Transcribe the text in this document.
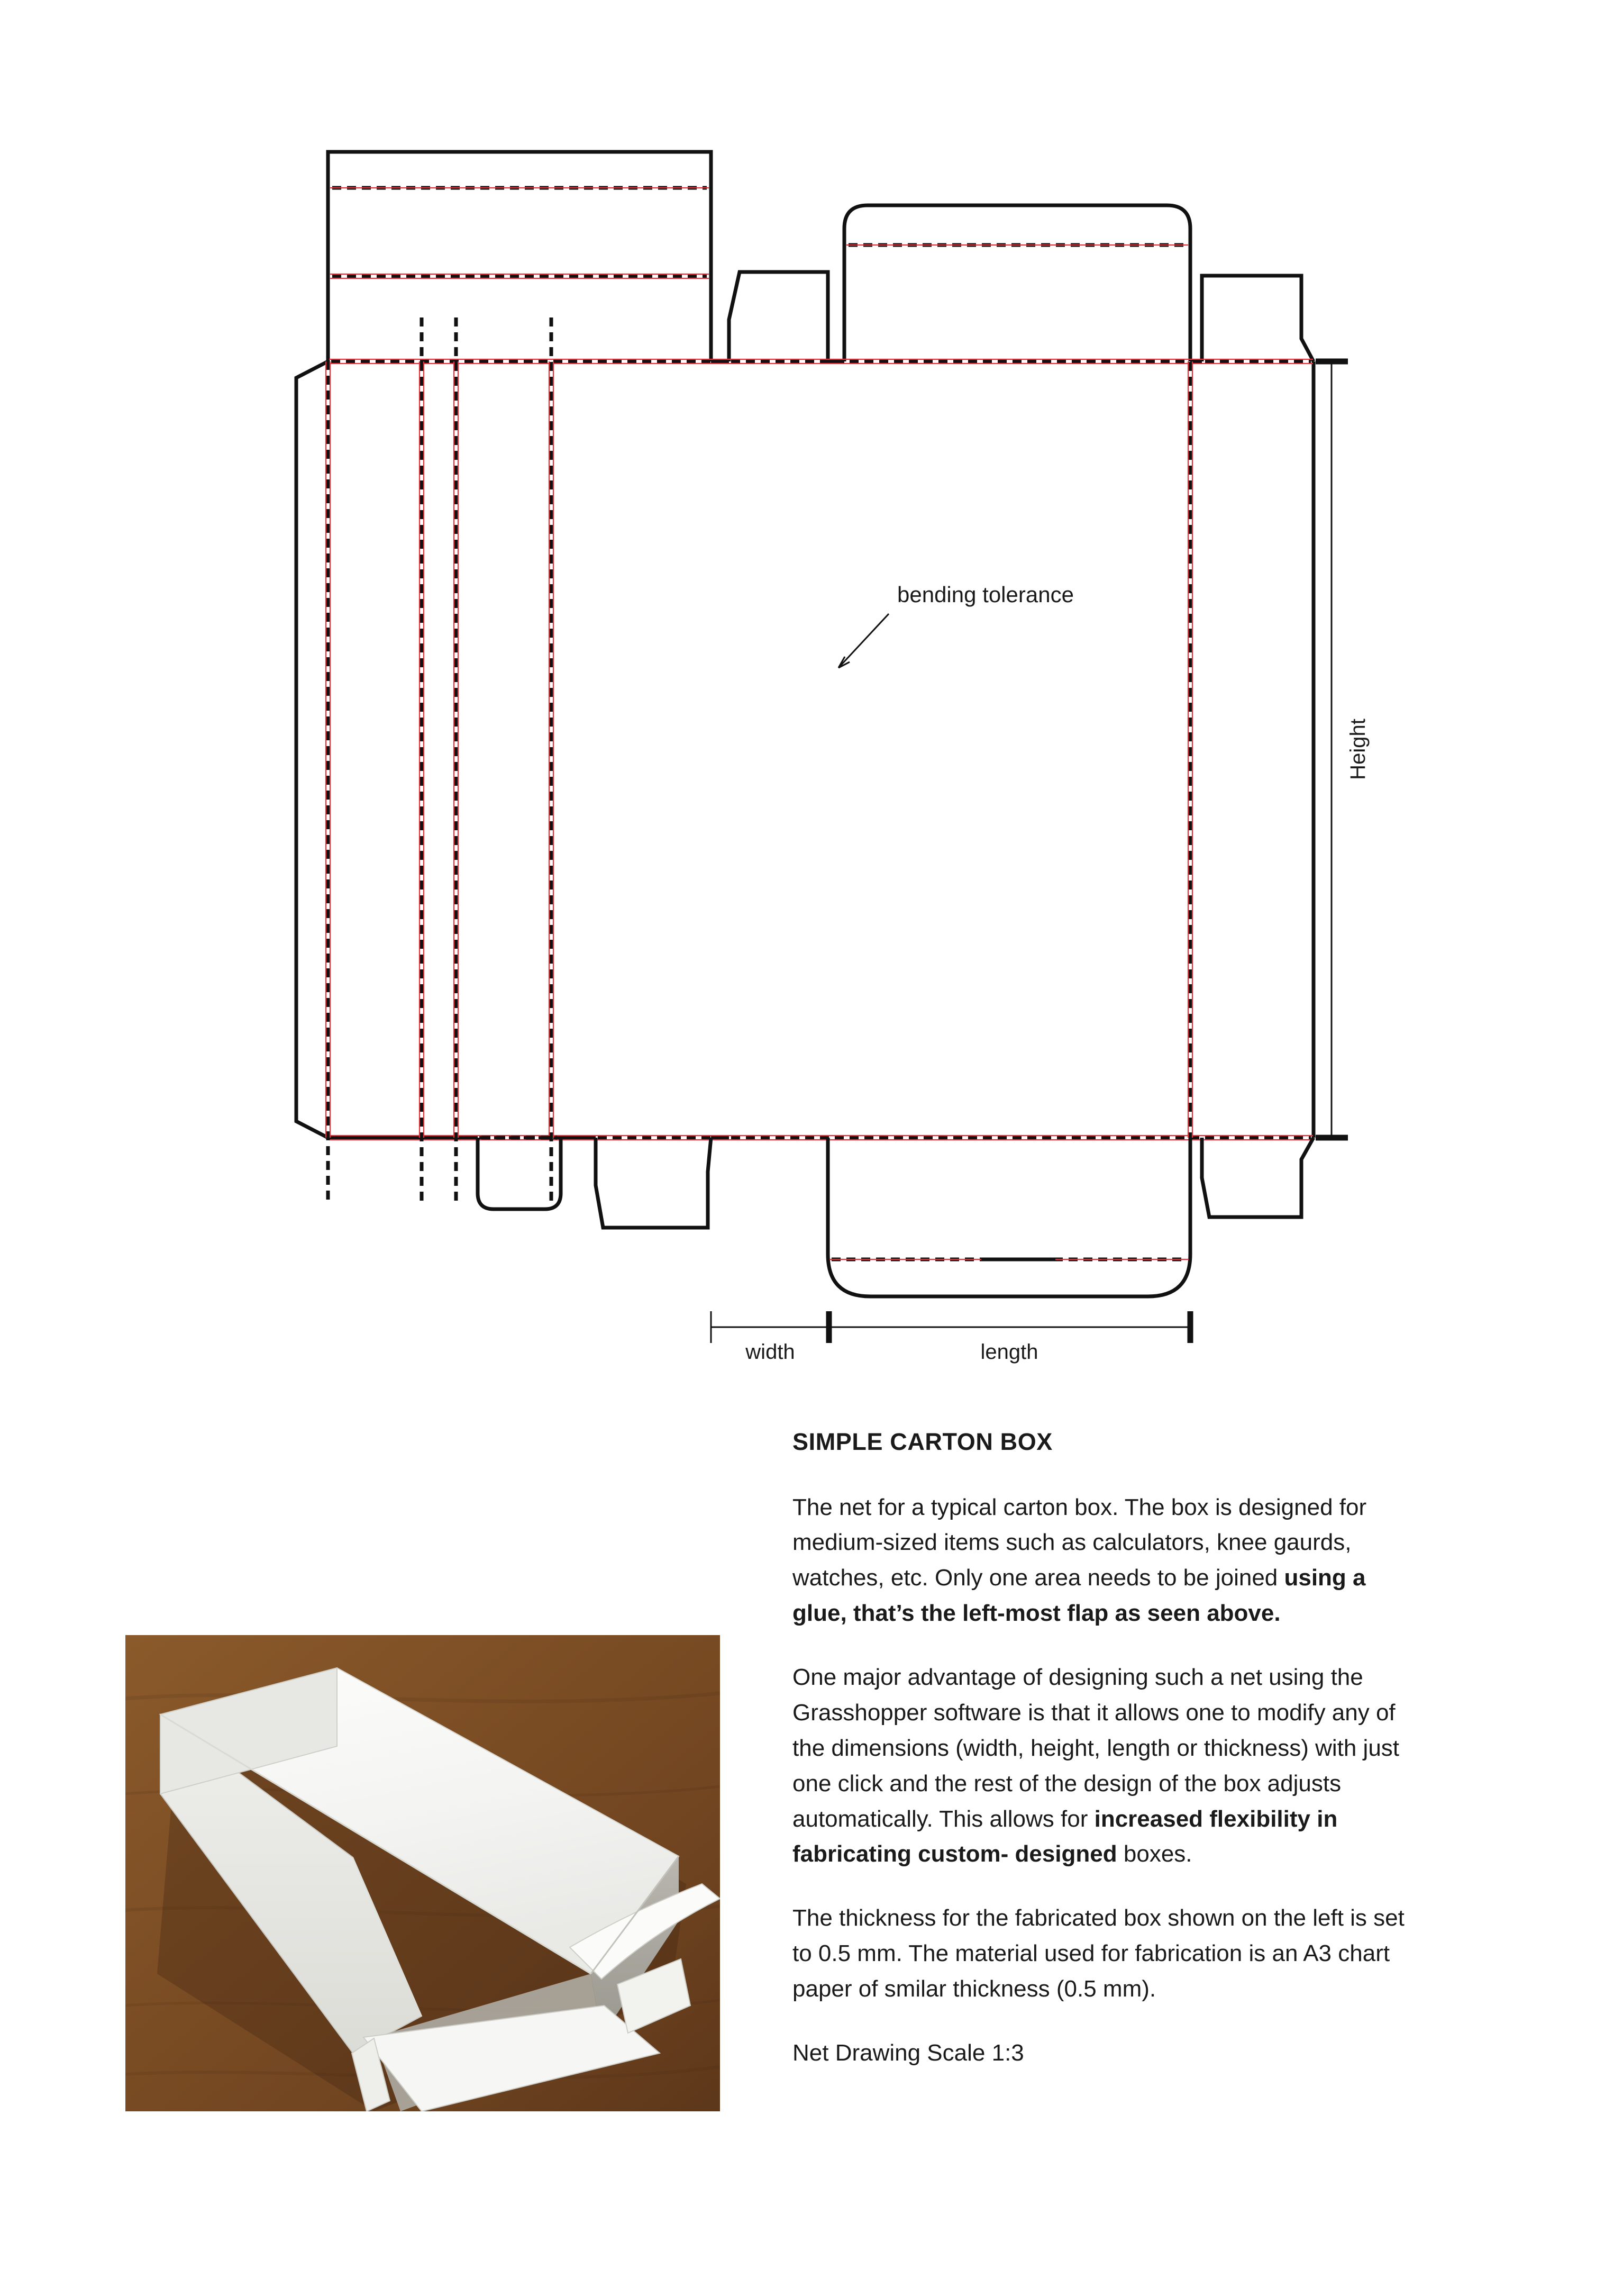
bending tolerance
Height
width	length
SIMPLE CARTON BOX

The net for a typical carton box. The box is designed for medium-sized items such as calculators, knee gaurds, watches, etc. Only one area needs to be joined using a glue, that’s the left-most flap as seen above.

One major advantage of designing such a net using the Grasshopper software is that it allows one to modify any of the dimensions (width, height, length or thickness) with just one click and the rest of the design of the box adjusts automatically. This allows for increased flexibility in fabricating custom- designed boxes.

The thickness for the fabricated box shown on the left is set to 0.5 mm. The material used for fabrication is an A3 chart paper of smilar thickness (0.5 mm).

Net Drawing Scale 1:3
